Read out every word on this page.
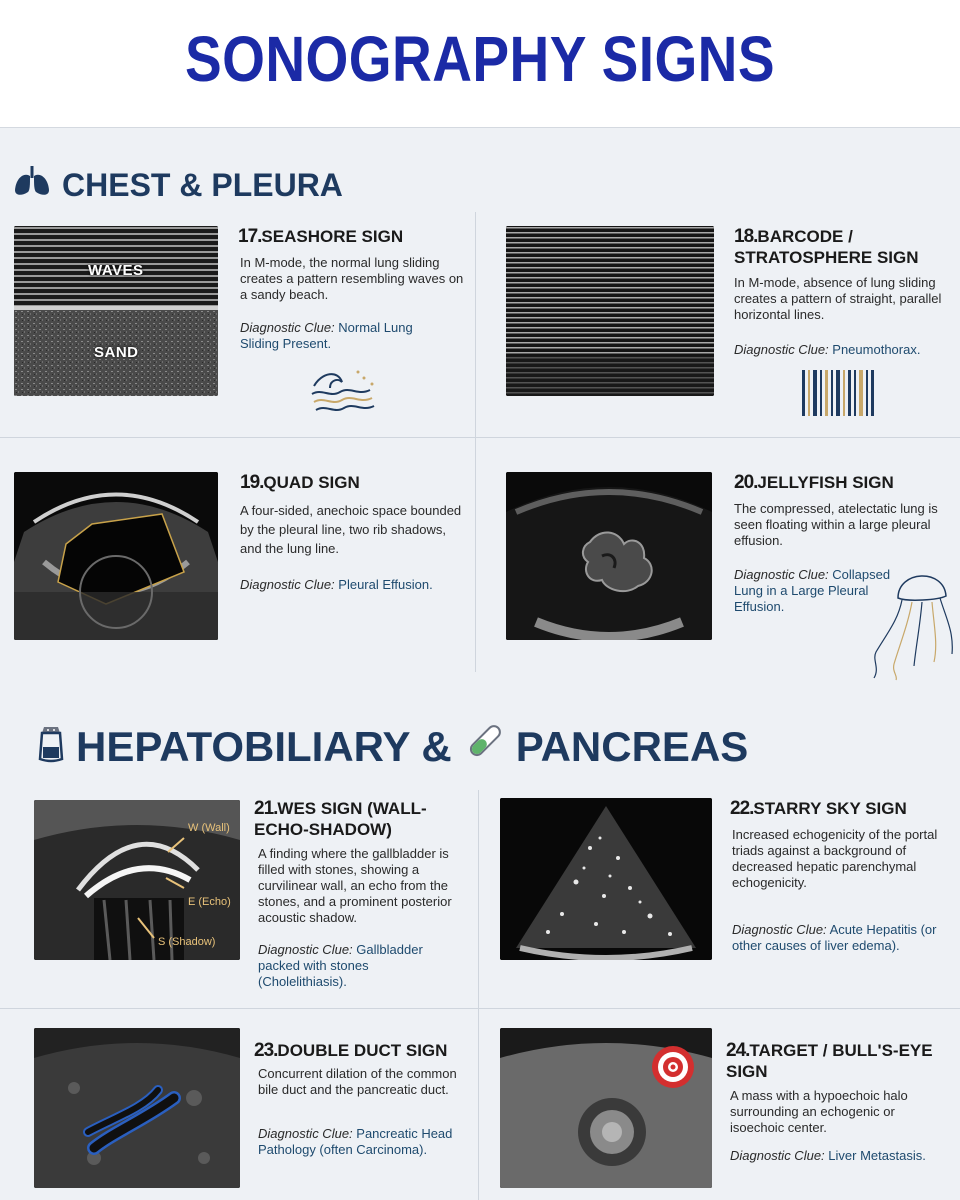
SONOGRAPHY SIGNS
CHEST & PLEURA
WAVES
SAND
17.SEASHORE SIGN
In M-mode, the normal lung sliding creates a pattern resembling waves on a sandy beach.
Diagnostic Clue: Normal Lung Sliding Present.
18.BARCODE / STRATOSPHERE SIGN
In M-mode, absence of lung sliding creates a pattern of straight, parallel horizontal lines.
Diagnostic Clue: Pneumothorax.
19.QUAD SIGN
A four-sided, anechoic space bounded by the pleural line, two rib shadows, and the lung line.
Diagnostic Clue: Pleural Effusion.
20.JELLYFISH SIGN
The compressed, atelectatic lung is seen floating within a large pleural effusion.
Diagnostic Clue: Collapsed Lung in a Large Pleural Effusion.
HEPATOBILIARY & PANCREAS
W (Wall)
E (Echo)
S (Shadow)
21.WES SIGN (WALL-ECHO-SHADOW)
A finding where the gallbladder is filled with stones, showing a curvilinear wall, an echo from the stones, and a prominent posterior acoustic shadow.
Diagnostic Clue: Gallbladder packed with stones (Cholelithiasis).
22.STARRY SKY SIGN
Increased echogenicity of the portal triads against a background of decreased hepatic parenchymal echogenicity.
Diagnostic Clue: Acute Hepatitis (or other causes of liver edema).
23.DOUBLE DUCT SIGN
Concurrent dilation of the common bile duct and the pancreatic duct.
Diagnostic Clue: Pancreatic Head Pathology (often Carcinoma).
24.TARGET / BULL'S-EYE SIGN
A mass with a hypoechoic halo surrounding an echogenic or isoechoic center.
Diagnostic Clue: Liver Metastasis.
